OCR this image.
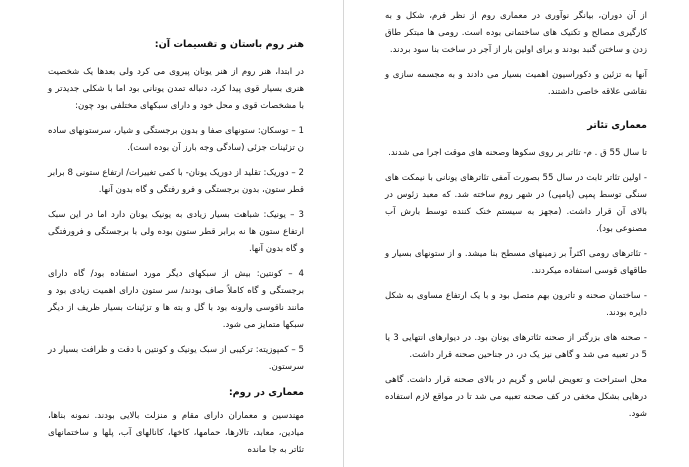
هنر روم باستان و تقسیمات آن:

در ابتدا، هنر روم از هنر یونان پیروی می کرد ولی بعدها یک شخصیت هنری بسیار قوی پیدا کرد، دنباله تمدن یونانی بود اما با شکلی جدیدتر و با مشخصات قوی و محل خود و دارای سبکهای مختلفی بود چون:

1 – توسکان: ستونهای صفا و بدون برجستگی و شیار، سرستونهای ساده ن تزئینات جزئی (سادگی وجه بارز آن بوده است).

2 – دوریک: تقلید از دوریک یونان- با کمی تغییرات/ ارتفاع ستونی 8 برابر قطر ستون، بدون برجستگی و فرو رفتگی و گاه بدون آنها.

3 – یونیک: شباهت بسیار زیادی به یونیک یونان دارد اما در این سبک ارتفاع ستون ها نه برابر قطر ستون بوده ولی با برجستگی و فرورفتگی و گاه بدون آنها.

4 – کونتین: بیش از سبکهای دیگر مورد استفاده بود/ گاه دارای برجستگی و گاه کاملاً صاف بودند/ سر ستون دارای اهمیت زیادی بود و مانند ناقوسی وارونه بود با گل و بته ها و تزئینات بسیار ظریف از دیگر سبکها متمایز می شود.

5 – کمپوزیته: ترکیبی از سبک یونیک و کونتین با دقت و ظرافت بسیار در سرستون.

معماری در روم:

مهندسین و معماران دارای مقام و منزلت بالایی بودند. نمونه بناها، میادین، معابد، تالارها، حمامها، کاخها، کانالهای آب، پلها و ساختمانهای تئاتر به جا مانده

از آن دوران، بیانگر نوآوری در معماری روم از نظر فرم، شکل و به کارگیری مصالح و تکنیک های ساختمانی بوده است. رومی ها مبتکر طاق زدن و ساختن گنبد بودند و برای اولین بار از آجر در ساخت بنا سود بردند.

آنها به تزئین و دکوراسیون اهمیت بسیار می دادند و به مجسمه سازی و نقاشی علاقه خاصی داشتند.

معماری تئاتر

تا سال 55 ق . م- تئاتر بر روی سکوها وصحنه های موقت اجرا می شدند.

- اولین تئاتر ثابت در سال 55 بصورت آمفی تئاترهای یونانی با نیمکت های سنگی توسط پمپی (پامپی) در شهر روم ساخته شد. که معبد زئوس در بالای آن قرار داشت. (مجهز به سیستم خنک کننده توسط بارش آب مصنوعی بود).

- تئاترهای رومی اکثراً بر زمینهای مسطح بنا میشد. و از ستونهای بسیار و طاقهای قوسی استفاده میکردند.

- ساختمان صحنه و تاترون بهم متصل بود و با یک ارتفاع مساوی به شکل دایره بودند.

- صحنه های بزرگتر از صحنه تئاترهای یونان بود. در دیوارهای انتهایی 3 یا 5 در تعبیه می شد و گاهی نیز یک در، در جناحین صحنه قرار داشت.

محل استراحت و تعویض لباس و گریم در بالای صحنه قرار داشت. گاهی درهایی بشکل مخفی در کف صحنه تعبیه می شد تا در مواقع لازم استفاده شود.
